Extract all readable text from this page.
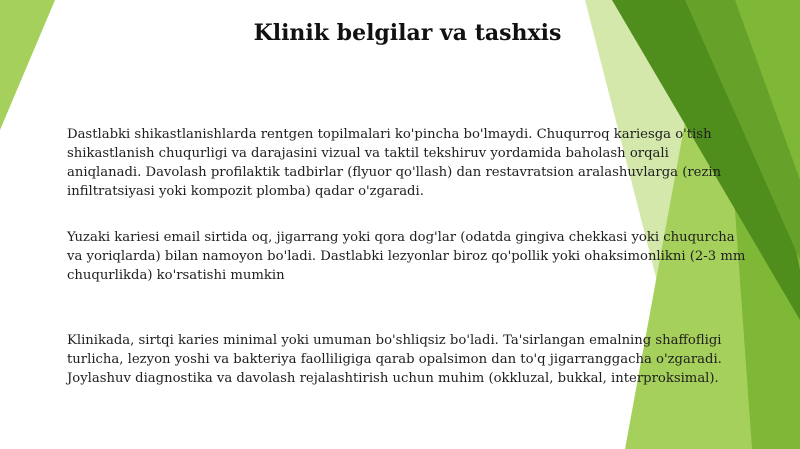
Klinik belgilar va tashxis

Dastlabki shikastlanishlarda rentgen topilmalari ko'pincha bo'lmaydi. Chuqurroq kariesga o'tish shikastlanish chuqurligi va darajasini vizual va taktil tekshiruv yordamida baholash orqali aniqlanadi. Davolash profilaktik tadbirlar (flyuor qo'llash) dan restavratsion aralashuvlarga (rezin infiltratsiyasi yoki kompozit plomba) qadar o'zgaradi.

Yuzaki kariesi email sirtida oq, jigarrang yoki qora dog'lar (odatda gingiva chekkasi yoki chuqurcha va yoriqlarda) bilan namoyon bo'ladi. Dastlabki lezyonlar biroz qo'pollik yoki ohaksimonlikni (2-3 mm chuqurlikda) ko'rsatishi mumkin

Klinikada, sirtqi karies minimal yoki umuman bo'shliqsiz bo'ladi. Ta'sirlangan emalning shaffofligi turlicha, lezyon yoshi va bakteriya faolliligiga qarab opalsimon dan to'q jigarranggacha o'zgaradi. Joylashuv diagnostika va davolash rejalashtirish uchun muhim (okkluzal, bukkal, interproksimal).
